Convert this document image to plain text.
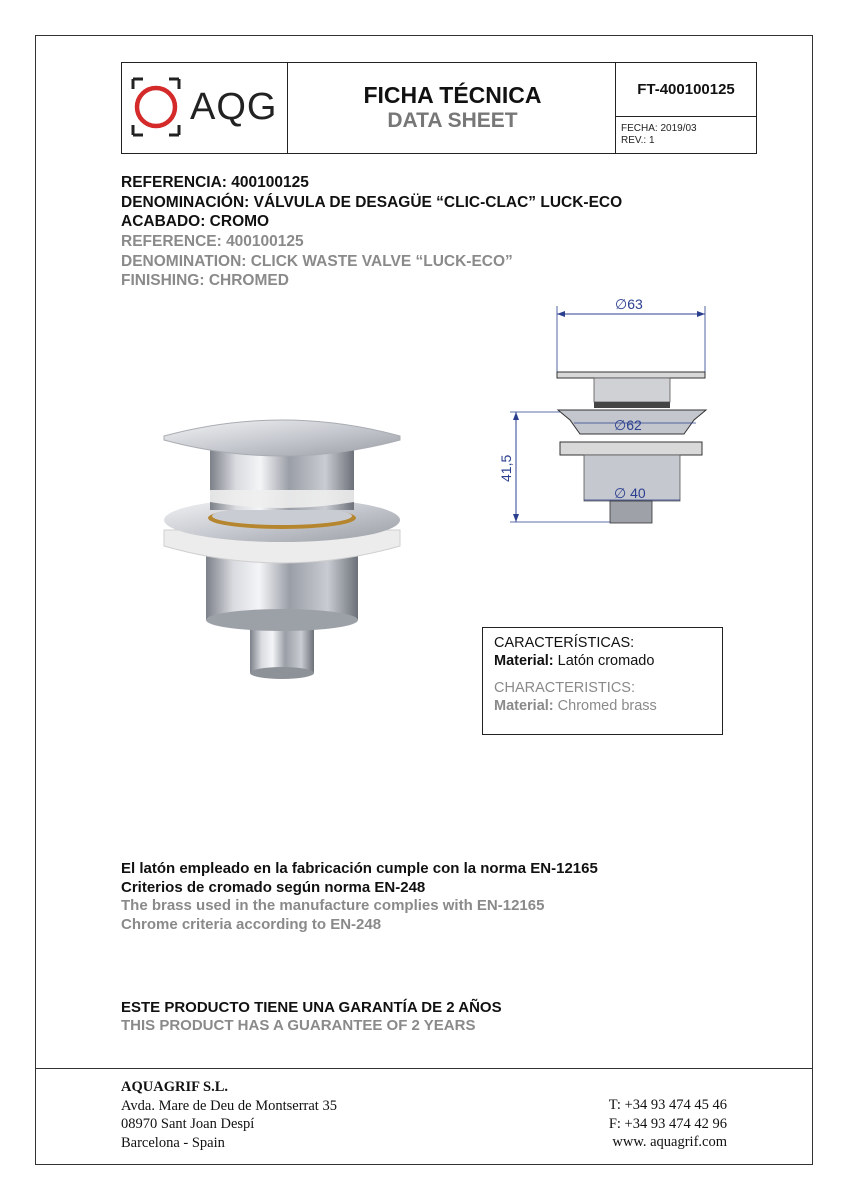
AQG	FICHA TÉCNICA
DATA SHEET
FT-400100125
FECHA: 2019/03
REV.: 1
REFERENCIA: 400100125
DENOMINACIÓN: VÁLVULA DE DESAGÜE “CLIC-CLAC” LUCK-ECO
ACABADO: CROMO
REFERENCE: 400100125
DENOMINATION: CLICK WASTE VALVE “LUCK-ECO”
FINISHING: CHROMED
∅63
∅62
∅ 40
41,5
CARACTERÍSTICAS:
Material: Latón cromado
CHARACTERISTICS:
Material: Chromed brass
El latón empleado en la fabricación cumple con la norma EN-12165
Criterios de cromado según norma EN-248
The brass used in the manufacture complies with EN-12165
Chrome criteria according to EN-248
ESTE PRODUCTO TIENE UNA GARANTÍA DE 2 AÑOS
THIS PRODUCT HAS A GUARANTEE OF 2 YEARS
AQUAGRIF S.L.
Avda. Mare de Deu de Montserrat 35
08970 Sant Joan Despí
Barcelona - Spain
T: +34 93 474 45 46
F: +34 93 474 42 96
www. aquagrif.com
